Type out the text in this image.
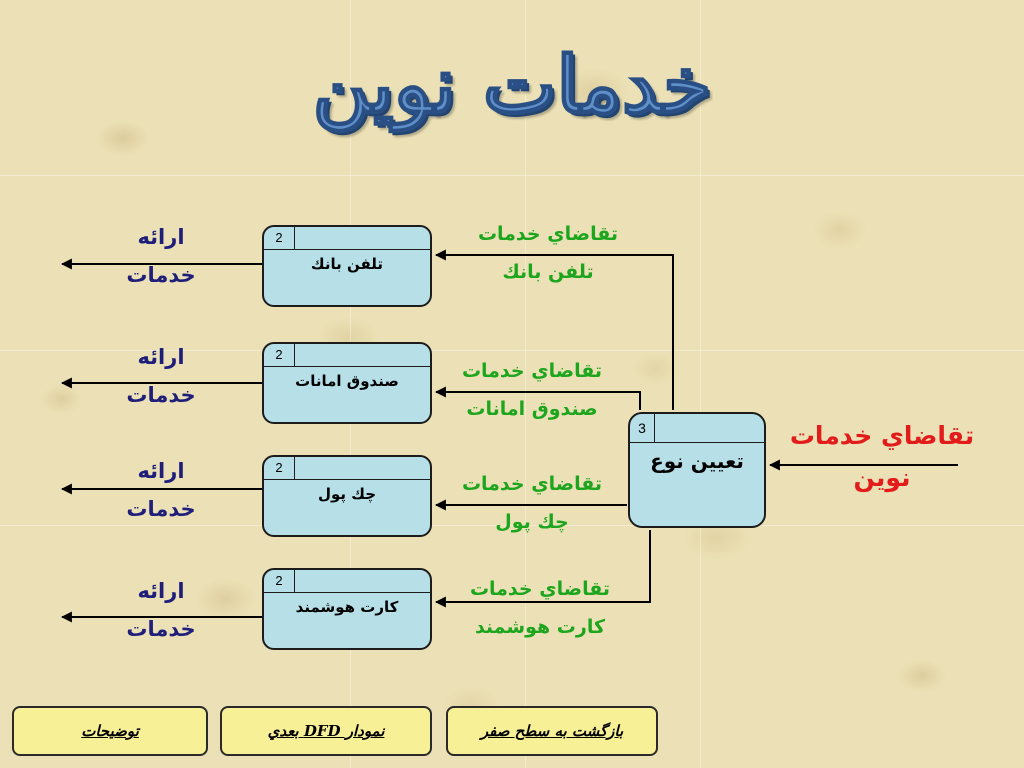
خدمات نوين
2
تلفن بانك
2
صندوق امانات
2
چك پول
2
كارت هوشمند
3
تعيين نوع
تقاضاي خدمات
نوين
تقاضاي خدمات
تلفن بانك
تقاضاي خدمات
صندوق امانات
تقاضاي خدمات
چك پول
تقاضاي خدمات
كارت هوشمند
ارائه
خدمات
ارائه
خدمات
ارائه
خدمات
ارائه
خدمات
بازگشت به سطح صفر
نمودار DFD بعدي
توضيحات
